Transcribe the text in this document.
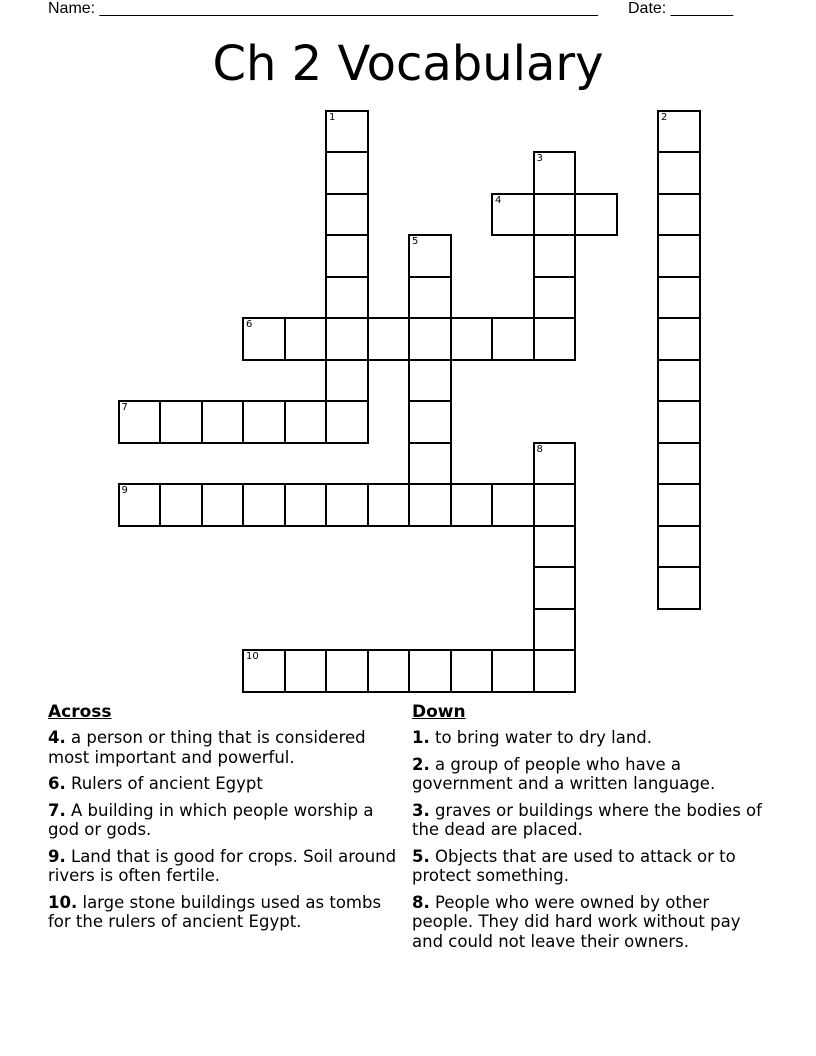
Name: ________________________________________________________ Date: _______
Ch 2 Vocabulary
1	2
3
4
5
6
7
8
9
10
Across
4. a person or thing that is considered most important and powerful.
6. Rulers of ancient Egypt
7. A building in which people worship a god or gods.
9. Land that is good for crops. Soil around rivers is often fertile.
10. large stone buildings used as tombs for the rulers of ancient Egypt.
Down
1. to bring water to dry land.
2. a group of people who have a government and a written language.
3. graves or buildings where the bodies of the dead are placed.
5. Objects that are used to attack or to protect something.
8. People who were owned by other people. They did hard work without pay and could not leave their owners.
